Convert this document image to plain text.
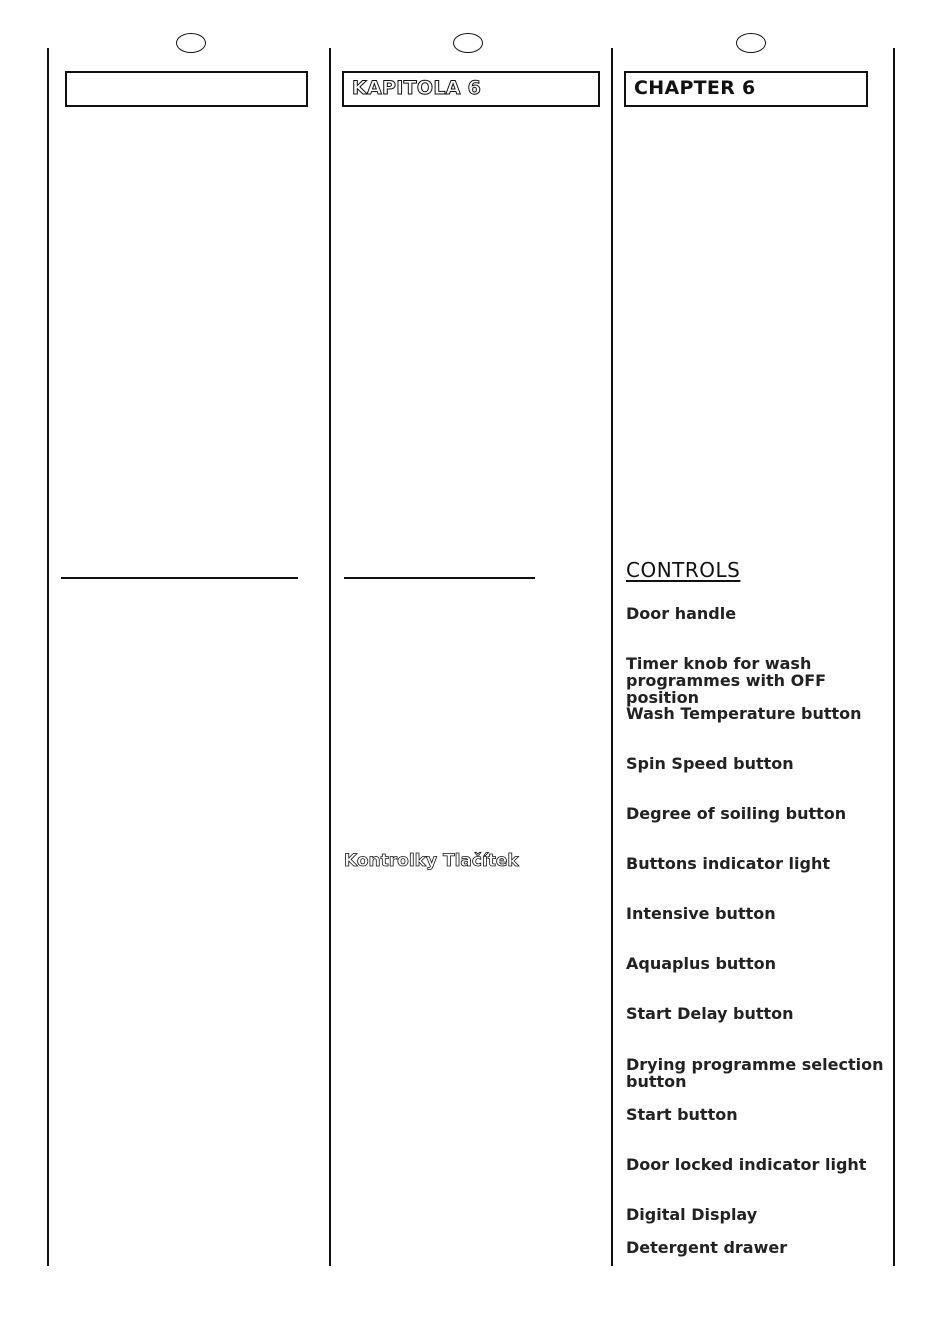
KAPITOLA 6	CHAPTER 6
CONTROLS
Kontrolky Tlačítek
Door handle
Timer knob for wash programmes with OFF position
Wash Temperature button
Spin Speed button
Degree of soiling button
Buttons indicator light
Intensive button
Aquaplus button
Start Delay button
Drying programme selection button
Start button
Door locked indicator light
Digital Display
Detergent drawer
